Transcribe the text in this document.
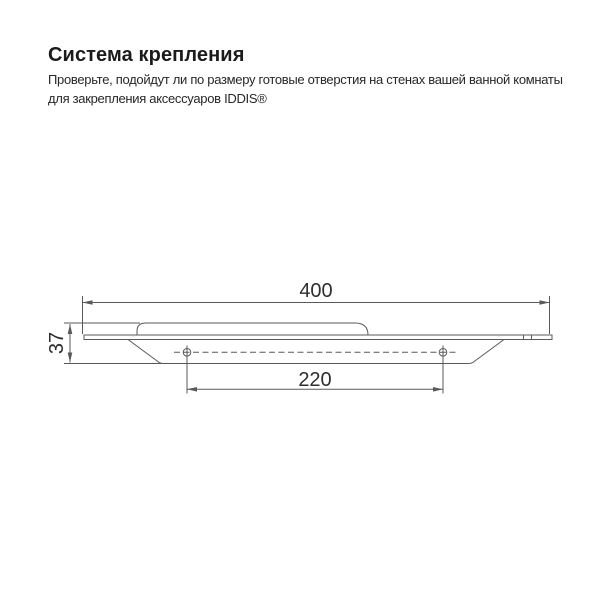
Система крепления

Проверьте, подойдут ли по размеру готовые отверстия на стенах вашей ванной комнаты
для закрепления аксессуаров IDDIS®

400
37
220
